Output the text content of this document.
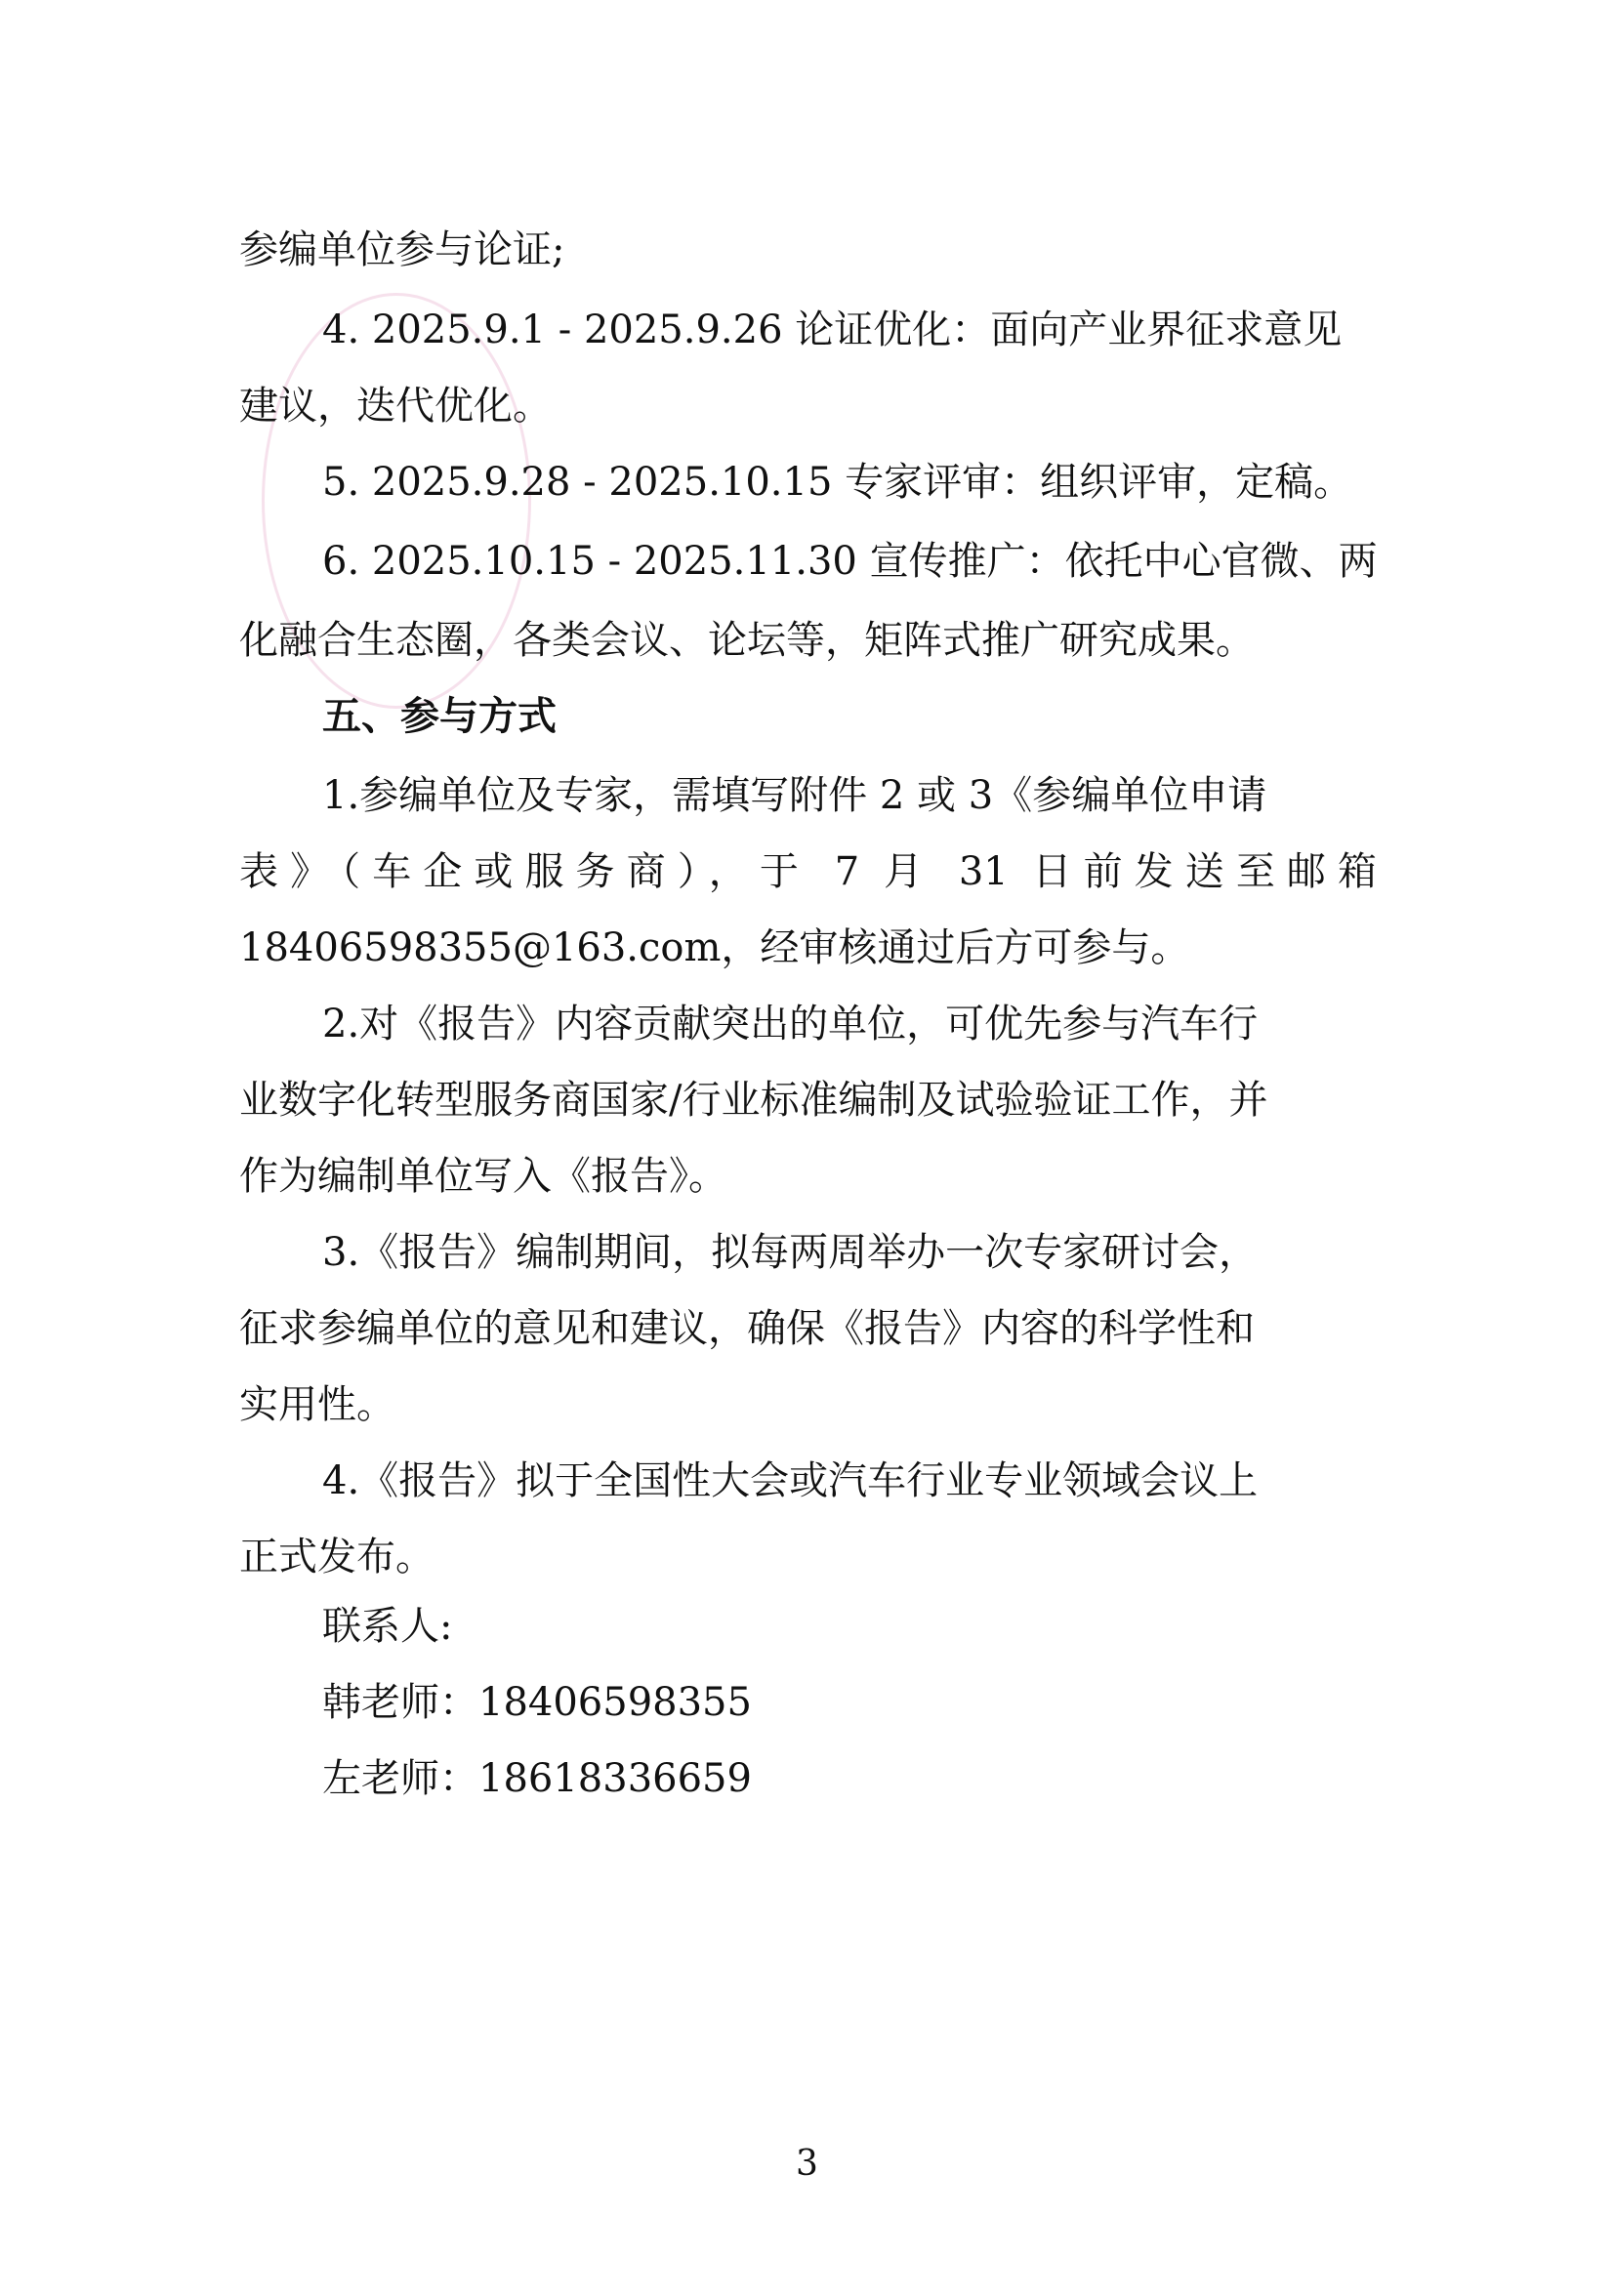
参编单位参与论证;
4. 2025.9.1 - 2025.9.26 论证优化：面向产业界征求意见
建议，迭代优化。
5. 2025.9.28 - 2025.10.15 专家评审：组织评审，定稿。
6. 2025.10.15 - 2025.11.30 宣传推广：依托中心官微、两
化融合生态圈，各类会议、论坛等，矩阵式推广研究成果。
五、参与方式
1.参编单位及专家，需填写附件 2 或 3《参编单位申请
表》（车企或服务商），于 7 月 31 日前发送至邮箱
18406598355@163.com，经审核通过后方可参与。
2.对《报告》内容贡献突出的单位，可优先参与汽车行
业数字化转型服务商国家/行业标准编制及试验验证工作，并
作为编制单位写入《报告》。
3.《报告》编制期间，拟每两周举办一次专家研讨会，
征求参编单位的意见和建议，确保《报告》内容的科学性和
实用性。
4.《报告》拟于全国性大会或汽车行业专业领域会议上
正式发布。
联系人:
韩老师：18406598355
左老师：18618336659
3
